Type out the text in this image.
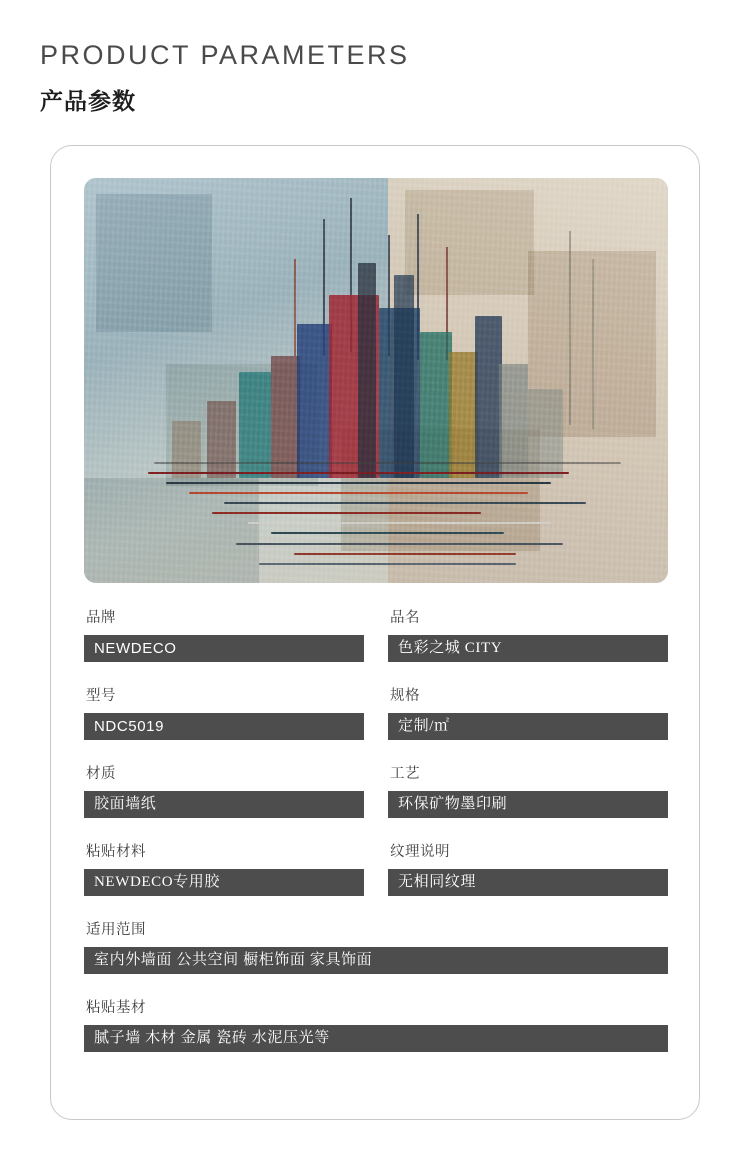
PRODUCT PARAMETERS
产品参数
品牌
NEWDECO
品名
色彩之城 CITY
型号
NDC5019
规格
定制/㎡
材质
胶面墙纸
工艺
环保矿物墨印刷
粘贴材料
NEWDECO专用胶
纹理说明
无相同纹理
适用范围
室内外墙面 公共空间 橱柜饰面 家具饰面
粘贴基材
腻子墙 木材 金属 瓷砖 水泥压光等
